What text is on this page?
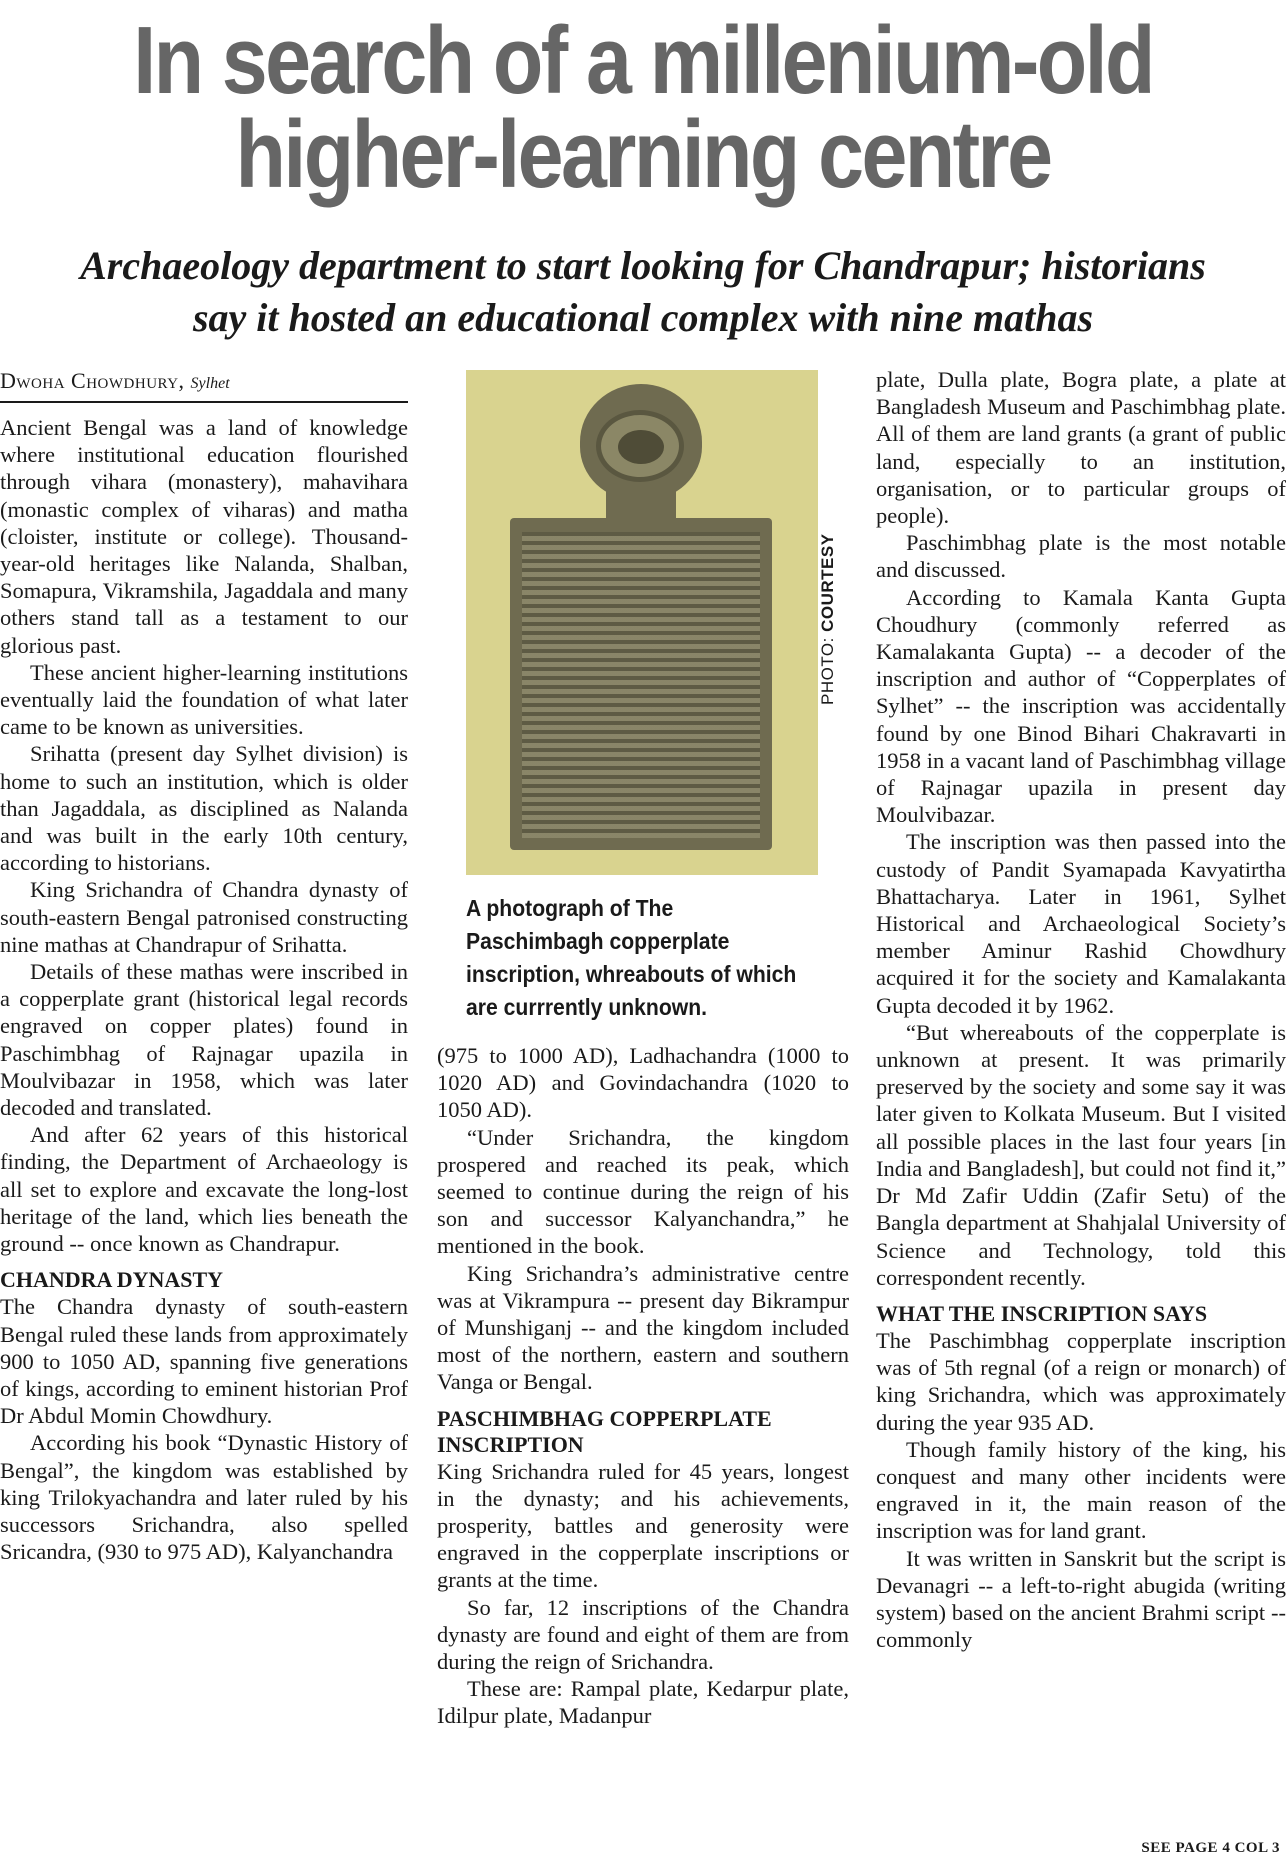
In search of a millenium-old
higher-learning centre
Archaeology department to start looking for Chandrapur; historians
say it hosted an educational complex with nine mathas
Dwoha Chowdhury, Sylhet

Ancient Bengal was a land of knowledge where institutional education flourished through vihara (monastery), mahavihara (monastic complex of viharas) and matha (cloister, institute or college). Thousand-year-old heritages like Nalanda, Shalban, Somapura, Vikramshila, Jagaddala and many others stand tall as a testament to our glorious past.

These ancient higher-learning institutions eventually laid the foundation of what later came to be known as universities.

Srihatta (present day Sylhet division) is home to such an institution, which is older than Jagaddala, as disciplined as Nalanda and was built in the early 10th century, according to historians.

King Srichandra of Chandra dynasty of south-eastern Bengal patronised constructing nine mathas at Chandrapur of Srihatta.

Details of these mathas were inscribed in a copperplate grant (historical legal records engraved on copper plates) found in Paschimbhag of Rajnagar upazila in Moulvibazar in 1958, which was later decoded and translated.

And after 62 years of this historical finding, the Department of Archaeology is all set to explore and excavate the long-lost heritage of the land, which lies beneath the ground -- once known as Chandrapur.

CHANDRA DYNASTY

The Chandra dynasty of south-eastern Bengal ruled these lands from approximately 900 to 1050 AD, spanning five generations of kings, according to eminent historian Prof Dr Abdul Momin Chowdhury.

According his book “Dynastic History of Bengal”, the kingdom was established by king Trilokyachandra and later ruled by his successors Srichandra, also spelled Sricandra, (930 to 975 AD), Kalyanchandra

PHOTO: COURTESY
A photograph of The Paschimbagh copperplate inscription, whreabouts of which are currrently unknown.

(975 to 1000 AD), Ladhachandra (1000 to 1020 AD) and Govindachandra (1020 to 1050 AD).

“Under Srichandra, the kingdom prospered and reached its peak, which seemed to continue during the reign of his son and successor Kalyanchandra,” he mentioned in the book.

King Srichandra’s administrative centre was at Vikrampura -- present day Bikrampur of Munshiganj -- and the kingdom included most of the northern, eastern and southern Vanga or Bengal.

PASCHIMBHAG COPPERPLATE INSCRIPTION

King Srichandra ruled for 45 years, longest in the dynasty; and his achievements, prosperity, battles and generosity were engraved in the copperplate inscriptions or grants at the time.

So far, 12 inscriptions of the Chandra dynasty are found and eight of them are from during the reign of Srichandra.

These are: Rampal plate, Kedarpur plate, Idilpur plate, Madanpur

plate, Dulla plate, Bogra plate, a plate at Bangladesh Museum and Paschimbhag plate. All of them are land grants (a grant of public land, especially to an institution, organisation, or to particular groups of people).

Paschimbhag plate is the most notable and discussed.

According to Kamala Kanta Gupta Choudhury (commonly referred as Kamalakanta Gupta) -- a decoder of the inscription and author of “Copperplates of Sylhet” -- the inscription was accidentally found by one Binod Bihari Chakravarti in 1958 in a vacant land of Paschimbhag village of Rajnagar upazila in present day Moulvibazar.

The inscription was then passed into the custody of Pandit Syamapada Kavyatirtha Bhattacharya. Later in 1961, Sylhet Historical and Archaeological Society’s member Aminur Rashid Chowdhury acquired it for the society and Kamalakanta Gupta decoded it by 1962.

“But whereabouts of the copperplate is unknown at present. It was primarily preserved by the society and some say it was later given to Kolkata Museum. But I visited all possible places in the last four years [in India and Bangladesh], but could not find it,” Dr Md Zafir Uddin (Zafir Setu) of the Bangla department at Shahjalal University of Science and Technology, told this correspondent recently.

WHAT THE INSCRIPTION SAYS

The Paschimbhag copperplate inscription was of 5th regnal (of a reign or monarch) of king Srichandra, which was approximately during the year 935 AD.

Though family history of the king, his conquest and many other incidents were engraved in it, the main reason of the inscription was for land grant.

It was written in Sanskrit but the script is Devanagri -- a left-to-right abugida (writing system) based on the ancient Brahmi script -- commonly

SEE PAGE 4 COL 3
